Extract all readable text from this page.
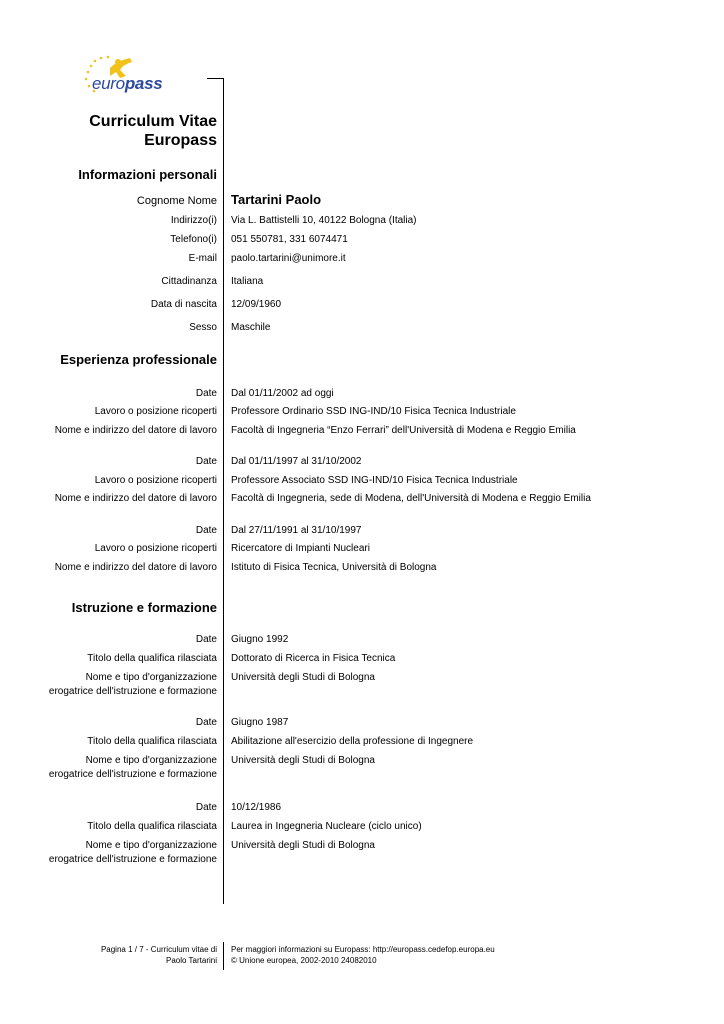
europass
Curriculum Vitae
Europass
Informazioni personali
Cognome Nome Tartarini Paolo
Indirizzo(i) Via L. Battistelli 10, 40122 Bologna (Italia)
Telefono(i) 051 550781, 331 6074471
E-mail paolo.tartarini@unimore.it
Cittadinanza Italiana
Data di nascita 12/09/1960
Sesso Maschile
Esperienza professionale
Date Dal 01/11/2002 ad oggi
Lavoro o posizione ricoperti Professore Ordinario SSD ING-IND/10 Fisica Tecnica Industriale
Nome e indirizzo del datore di lavoro Facoltà di Ingegneria “Enzo Ferrari” dell'Università di Modena e Reggio Emilia
Date Dal 01/11/1997 al 31/10/2002
Lavoro o posizione ricoperti Professore Associato SSD ING-IND/10 Fisica Tecnica Industriale
Nome e indirizzo del datore di lavoro Facoltà di Ingegneria, sede di Modena, dell'Università di Modena e Reggio Emilia
Date Dal 27/11/1991 al 31/10/1997
Lavoro o posizione ricoperti Ricercatore di Impianti Nucleari
Nome e indirizzo del datore di lavoro Istituto di Fisica Tecnica, Università di Bologna
Istruzione e formazione
Date Giugno 1992
Titolo della qualifica rilasciata Dottorato di Ricerca in Fisica Tecnica
Nome e tipo d'organizzazione
erogatrice dell'istruzione e formazione
Università degli Studi di Bologna
Date Giugno 1987
Titolo della qualifica rilasciata Abilitazione all'esercizio della professione di Ingegnere
Nome e tipo d'organizzazione
erogatrice dell'istruzione e formazione
Università degli Studi di Bologna
Date 10/12/1986
Titolo della qualifica rilasciata Laurea in Ingegneria Nucleare (ciclo unico)
Nome e tipo d'organizzazione
erogatrice dell'istruzione e formazione
Università degli Studi di Bologna
Pagina 1 / 7 - Curriculum vitae di
Paolo Tartarini
Per maggiori informazioni su Europass: http://europass.cedefop.europa.eu
© Unione europea, 2002-2010 24082010
